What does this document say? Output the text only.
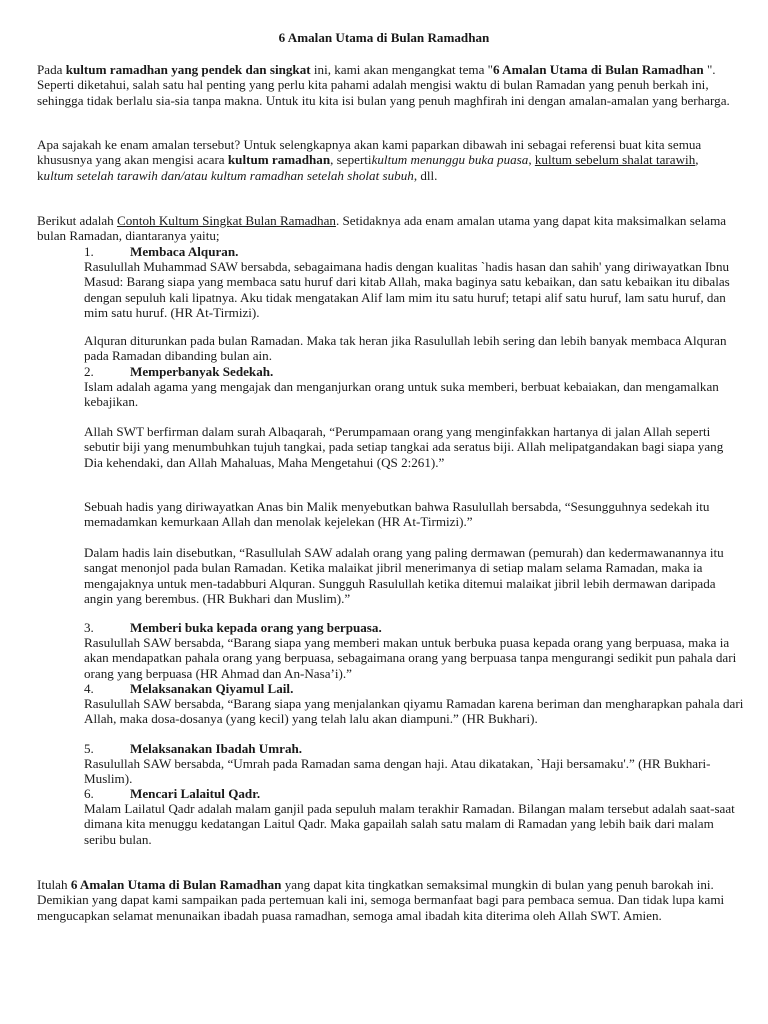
6 Amalan Utama di Bulan Ramadhan

Pada kultum ramadhan yang pendek dan singkat ini, kami akan mengangkat tema "6 Amalan Utama di Bulan Ramadhan ". Seperti diketahui, salah satu hal penting yang perlu kita pahami adalah mengisi waktu di bulan Ramadan yang penuh berkah ini, sehingga tidak berlalu sia-sia tanpa makna. Untuk itu kita isi bulan yang penuh maghfirah ini dengan amalan-amalan yang berharga.

Apa sajakah ke enam amalan tersebut? Untuk selengkapnya akan kami paparkan dibawah ini sebagai referensi buat kita semua khususnya yang akan mengisi acara kultum ramadhan, sepertikultum menunggu buka puasa, kultum sebelum shalat tarawih, kultum setelah tarawih dan/atau kultum ramadhan setelah sholat subuh, dll.

Berikut adalah Contoh Kultum Singkat Bulan Ramadhan. Setidaknya ada enam amalan utama yang dapat kita maksimalkan selama bulan Ramadan, diantaranya yaitu;

1.	Membaca Alquran.

Rasulullah Muhammad SAW bersabda, sebagaimana hadis dengan kualitas `hadis hasan dan sahih' yang diriwayatkan Ibnu Masud: Barang siapa yang membaca satu huruf dari kitab Allah, maka baginya satu kebaikan, dan satu kebaikan itu dibalas dengan sepuluh kali lipatnya. Aku tidak mengatakan Alif lam mim itu satu huruf; tetapi alif satu huruf, lam satu huruf, dan mim satu huruf. (HR At-Tirmizi).

Alquran diturunkan pada bulan Ramadan. Maka tak heran jika Rasulullah lebih sering dan lebih banyak membaca Alquran pada Ramadan dibanding bulan ain.

2.	Memperbanyak Sedekah.

Islam adalah agama yang mengajak dan menganjurkan orang untuk suka memberi, berbuat kebaiakan, dan mengamalkan kebajikan.

Allah SWT berfirman dalam surah Albaqarah, “Perumpamaan orang yang menginfakkan hartanya di jalan Allah seperti sebutir biji yang menumbuhkan tujuh tangkai, pada setiap tangkai ada seratus biji. Allah melipatgandakan bagi siapa yang Dia kehendaki, dan Allah Mahaluas, Maha Mengetahui (QS 2:261).”

Sebuah hadis yang diriwayatkan Anas bin Malik menyebutkan bahwa Rasulullah bersabda, “Sesungguhnya sedekah itu memadamkan kemurkaan Allah dan menolak kejelekan (HR At-Tirmizi).”

Dalam hadis lain disebutkan, “Rasullulah SAW adalah orang yang paling dermawan (pemurah) dan kedermawanannya itu sangat menonjol pada bulan Ramadan. Ketika malaikat jibril menerimanya di setiap malam selama Ramadan, maka ia mengajaknya untuk men-tadabburi Alquran. Sungguh Rasulullah ketika ditemui malaikat jibril lebih dermawan daripada angin yang berembus. (HR Bukhari dan Muslim).”

3.	Memberi buka kepada orang yang berpuasa.

Rasulullah SAW bersabda, “Barang siapa yang memberi makan untuk berbuka puasa kepada orang yang berpuasa, maka ia akan mendapatkan pahala orang yang berpuasa, sebagaimana orang yang berpuasa tanpa mengurangi sedikit pun pahala dari orang yang berpuasa (HR Ahmad dan An-Nasa’i).”

4.	Melaksanakan Qiyamul Lail.

Rasulullah SAW bersabda, “Barang siapa yang menjalankan qiyamu Ramadan karena beriman dan mengharapkan pahala dari Allah, maka dosa-dosanya (yang kecil) yang telah lalu akan diampuni.” (HR Bukhari).

5.	Melaksanakan Ibadah Umrah.

Rasulullah SAW bersabda, “Umrah pada Ramadan sama dengan haji. Atau dikatakan, `Haji bersamaku'.” (HR Bukhari-Muslim).

6.	Mencari Lalaitul Qadr.

Malam Lailatul Qadr adalah malam ganjil pada sepuluh malam terakhir Ramadan. Bilangan malam tersebut adalah saat-saat dimana kita menuggu kedatangan Laitul Qadr. Maka gapailah salah satu malam di Ramadan yang lebih baik dari malam seribu bulan.

Itulah 6 Amalan Utama di Bulan Ramadhan yang dapat kita tingkatkan semaksimal mungkin di bulan yang penuh barokah ini. Demikian yang dapat kami sampaikan pada pertemuan kali ini, semoga bermanfaat bagi para pembaca semua. Dan tidak lupa kami mengucapkan selamat menunaikan ibadah puasa ramadhan, semoga amal ibadah kita diterima oleh Allah SWT. Amien.
